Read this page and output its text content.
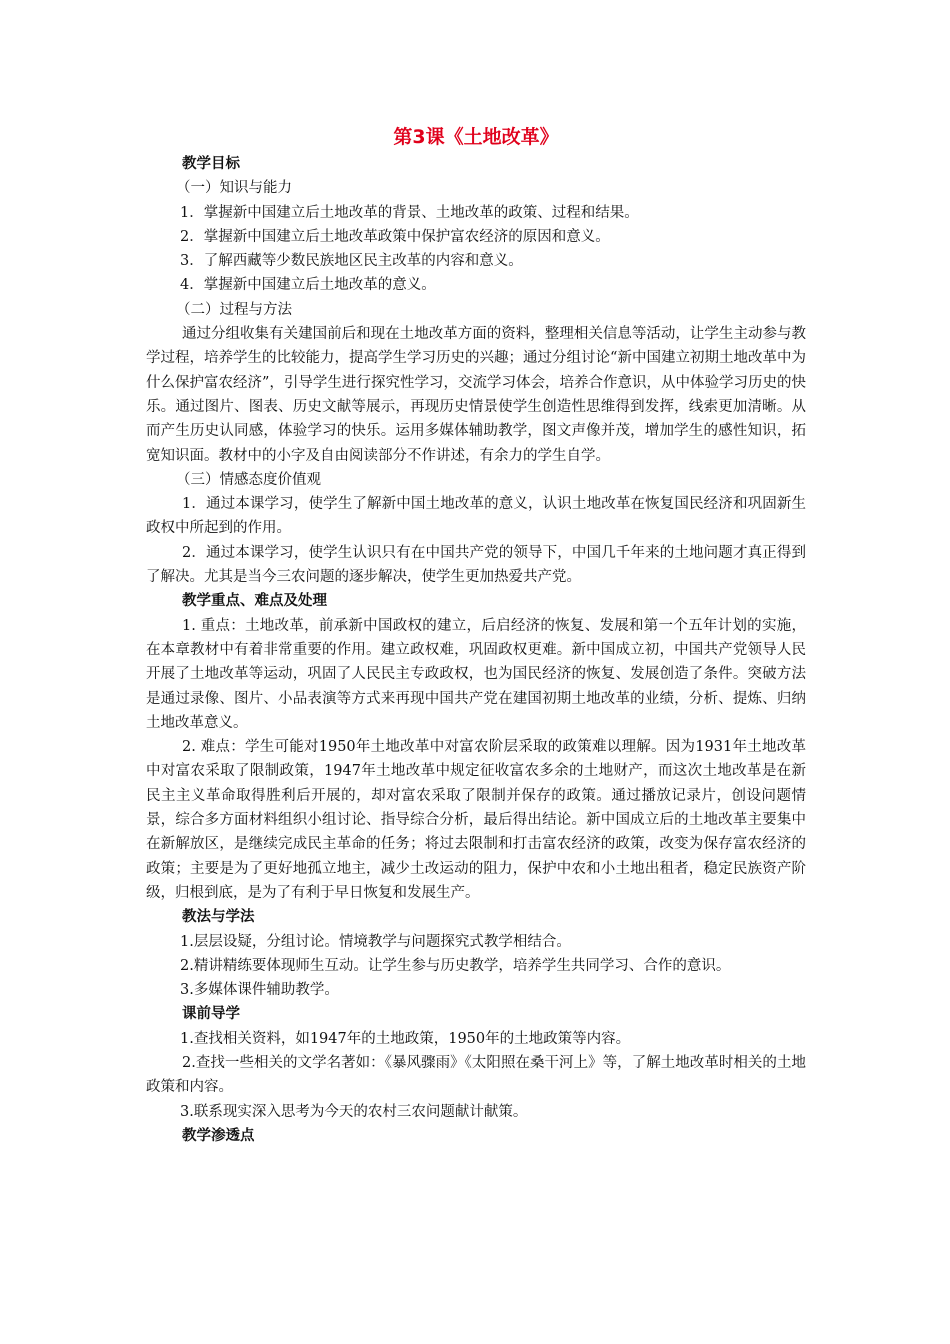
第3课《土地改革》
教学目标

（一）知识与能力

1．掌握新中国建立后土地改革的背景、土地改革的政策、过程和结果。

2．掌握新中国建立后土地改革政策中保护富农经济的原因和意义。

3．了解西藏等少数民族地区民主改革的内容和意义。

4．掌握新中国建立后土地改革的意义。

（二）过程与方法

通过分组收集有关建国前后和现在土地改革方面的资料，整理相关信息等活动，让学生主动参与教学过程，培养学生的比较能力，提高学生学习历史的兴趣；通过分组讨论“新中国建立初期土地改革中为什么保护富农经济”，引导学生进行探究性学习，交流学习体会，培养合作意识，从中体验学习历史的快乐。通过图片、图表、历史文献等展示，再现历史情景使学生创造性思维得到发挥，线索更加清晰。从而产生历史认同感，体验学习的快乐。运用多媒体辅助教学，图文声像并茂，增加学生的感性知识，拓宽知识面。教材中的小字及自由阅读部分不作讲述，有余力的学生自学。

（三）情感态度价值观

1．通过本课学习，使学生了解新中国土地改革的意义，认识土地改革在恢复国民经济和巩固新生政权中所起到的作用。

2．通过本课学习，使学生认识只有在中国共产党的领导下，中国几千年来的土地问题才真正得到了解决。尤其是当今三农问题的逐步解决，使学生更加热爱共产党。

教学重点、难点及处理

1. 重点：土地改革，前承新中国政权的建立，后启经济的恢复、发展和第一个五年计划的实施，在本章教材中有着非常重要的作用。建立政权难，巩固政权更难。新中国成立初，中国共产党领导人民开展了土地改革等运动，巩固了人民民主专政政权，也为国民经济的恢复、发展创造了条件。突破方法是通过录像、图片、小品表演等方式来再现中国共产党在建国初期土地改革的业绩，分析、提炼、归纳土地改革意义。

2. 难点：学生可能对1950年土地改革中对富农阶层采取的政策难以理解。因为1931年土地改革中对富农采取了限制政策，1947年土地改革中规定征收富农多余的土地财产，而这次土地改革是在新民主主义革命取得胜利后开展的，却对富农采取了限制并保存的政策。通过播放记录片，创设问题情景，综合多方面材料组织小组讨论、指导综合分析，最后得出结论。新中国成立后的土地改革主要集中在新解放区，是继续完成民主革命的任务；将过去限制和打击富农经济的政策，改变为保存富农经济的政策；主要是为了更好地孤立地主，减少土改运动的阻力，保护中农和小土地出租者，稳定民族资产阶级，归根到底，是为了有利于早日恢复和发展生产。

教法与学法

1.层层设疑，分组讨论。情境教学与问题探究式教学相结合。

2.精讲精练要体现师生互动。让学生参与历史教学，培养学生共同学习、合作的意识。

3.多媒体课件辅助教学。

课前导学

1.查找相关资料，如1947年的土地政策，1950年的土地政策等内容。

2.查找一些相关的文学名著如：《暴风骤雨》《太阳照在桑干河上》等，了解土地改革时相关的土地政策和内容。

3.联系现实深入思考为今天的农村三农问题献计献策。

教学渗透点
